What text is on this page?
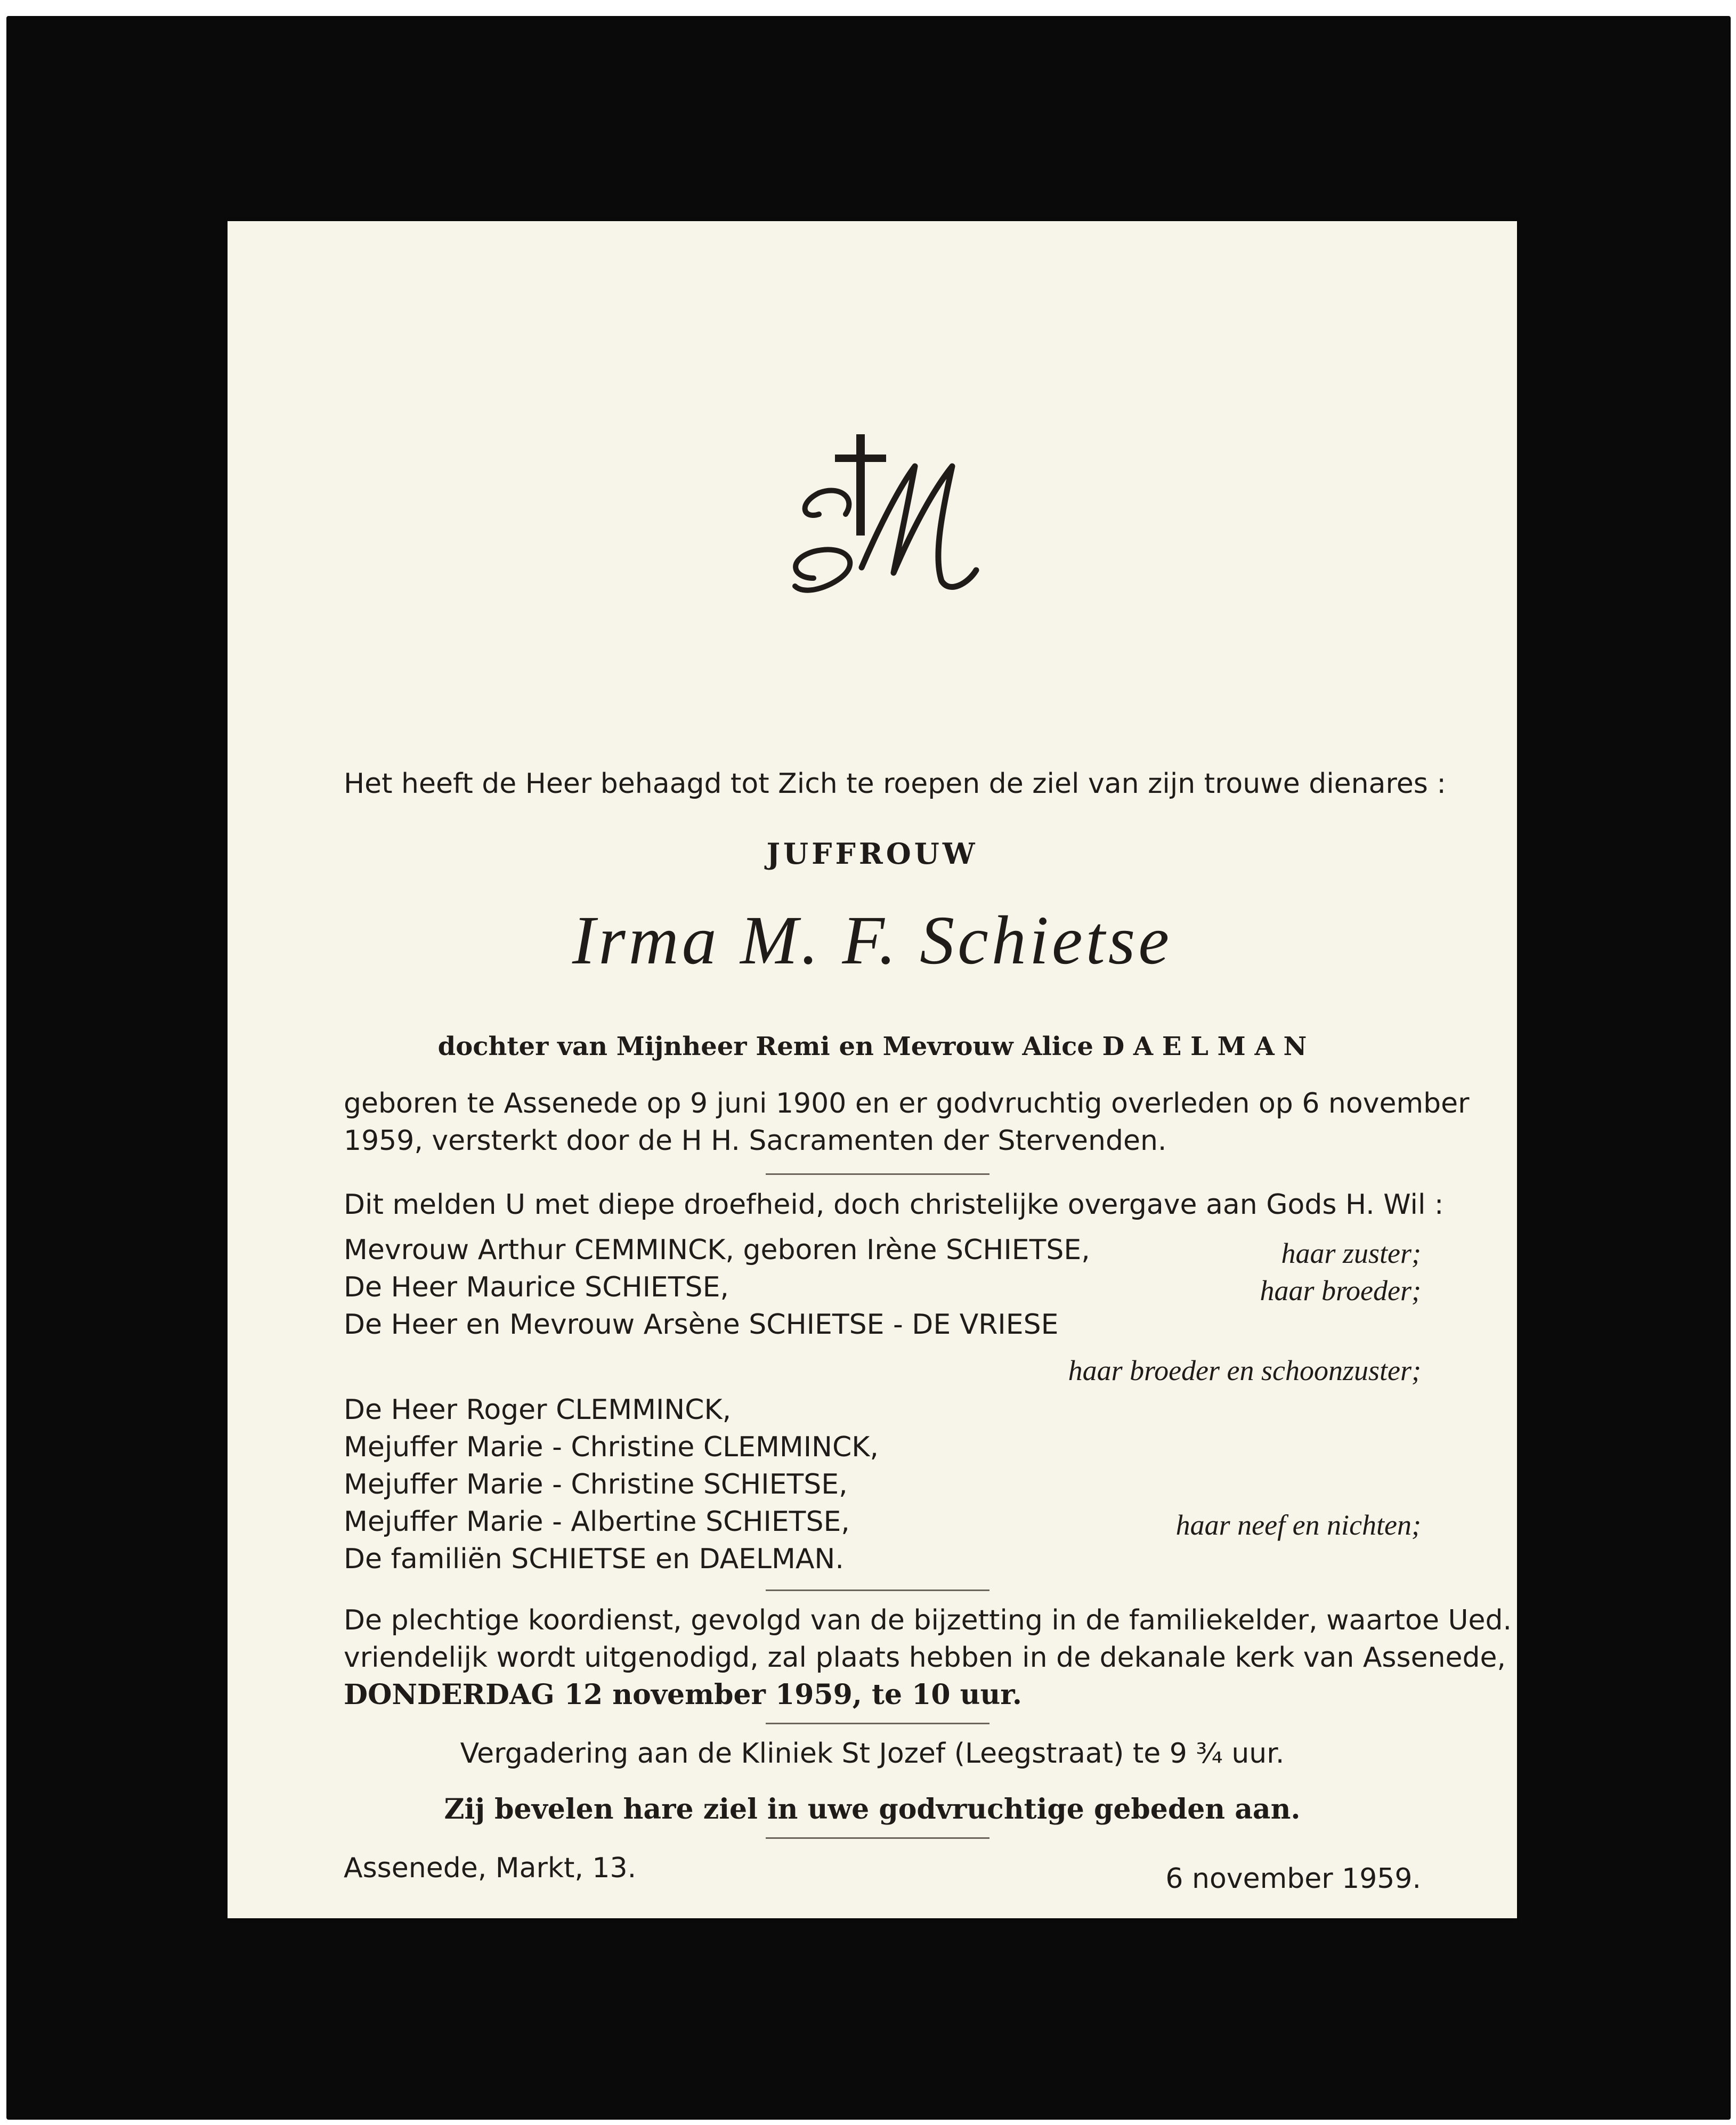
Het heeft de Heer behaagd tot Zich te roepen de ziel van zijn trouwe dienares :
JUFFROUW
Irma M. F. Schietse
dochter van Mijnheer Remi en Mevrouw Alice D A E L M A N
geboren te Assenede op 9 juni 1900 en er godvruchtig overleden op 6 november
1959, versterkt door de H H. Sacramenten der Stervenden.
Dit melden U met diepe droefheid, doch christelijke overgave aan Gods H. Wil :
Mevrouw Arthur CEMMINCK, geboren Irène SCHIETSE,	haar zuster;
De Heer Maurice SCHIETSE,	haar broeder;
De Heer en Mevrouw Arsène SCHIETSE - DE VRIESE
haar broeder en schoonzuster;
De Heer Roger CLEMMINCK,
Mejuffer Marie - Christine CLEMMINCK,
Mejuffer Marie - Christine SCHIETSE,
Mejuffer Marie - Albertine SCHIETSE,	haar neef en nichten;
De familiën SCHIETSE en DAELMAN.
De plechtige koordienst, gevolgd van de bijzetting in de familiekelder, waartoe Ued.
vriendelijk wordt uitgenodigd, zal plaats hebben in de dekanale kerk van Assenede,
DONDERDAG 12 november 1959, te 10 uur.
Vergadering aan de Kliniek St Jozef (Leegstraat) te 9 ¾ uur.
Zij bevelen hare ziel in uwe godvruchtige gebeden aan.
Assenede, Markt, 13.	6 november 1959.
